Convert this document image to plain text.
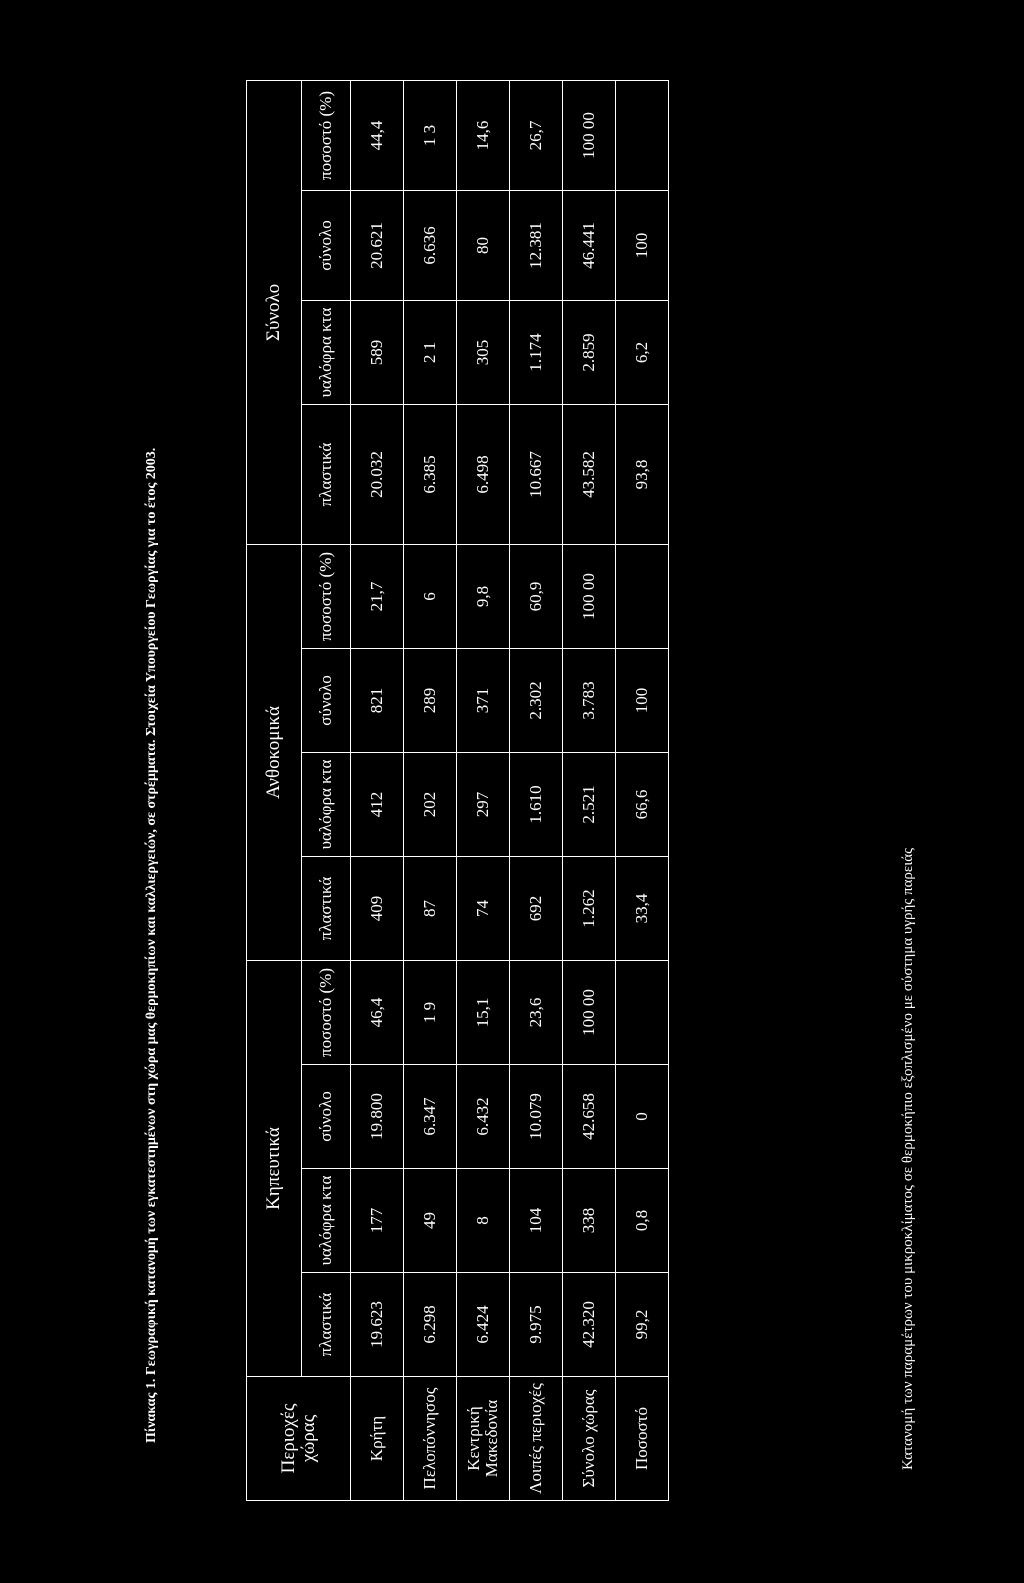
Πίνακας 1. Γεωγραφική κατανομή των εγκατεστημένων στη χώρα μας θερμοκηπίων και καλλιεργειών, σε στρέμματα. Στοιχεία Υπουργείου Γεωργίας για το έτος 2003.	Περιοχές χώρας	Κηπευτικά				Ανθοκομικά				Σύνολο			
	πλαστικά	υαλόφρα κτα	σύνολο	ποσοστό (%)	πλαστικά	υαλόφρα κτα	σύνολο	ποσοστό (%)	πλαστικά	υαλόφρα κτα	σύνολο	ποσοστό (%)
Κρήτη	19.623	177	19.800	46,4	409	412	821	21,7	20.032	589	20.621	44,4
Πελοπόννησος	6.298	49	6.347	1 9	87	202	289	6	6.385	2 1	6.636	1 3
Κεντρική Μακεδονία	6.424	8	6.432	15,1	74	297	371	9,8	6.498	305	80	14,6
Λοιπές περιοχές	9.975	104	10.079	23,6	692	1.610	2.302	60,9	10.667	1.174	12.381	26,7
Σύνολο χώρας	42.320	338	42.658	100 00	1.262	2.521	3.783	100 00	43.582	2.859	46.441	100 00
Ποσοστό	99,2	0,8	0		33,4	66,6	100		93,8	6,2	100	
Κατανομή των παραμέτρων του μικροκλίματος σε θερμοκήπιο εξοπλισμένο με σύστημα υγρής παρειάς
